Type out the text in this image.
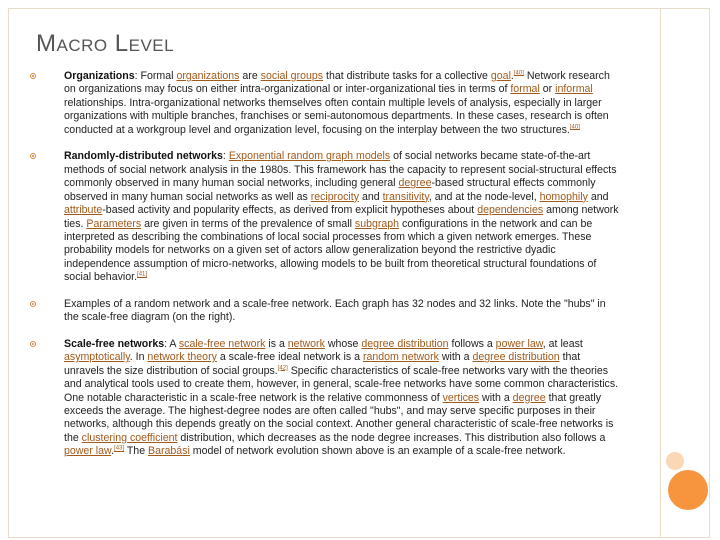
Macro Level
Organizations: Formal organizations are social groups that distribute tasks for a collective goal.[40] Network research on organizations may focus on either intra-organizational or inter-organizational ties in terms of formal or informal relationships. Intra-organizational networks themselves often contain multiple levels of analysis, especially in larger organizations with multiple branches, franchises or semi-autonomous departments. In these cases, research is often conducted at a workgroup level and organization level, focusing on the interplay between the two structures.[40]
Randomly-distributed networks: Exponential random graph models of social networks became state-of-the-art methods of social network analysis in the 1980s. This framework has the capacity to represent social-structural effects commonly observed in many human social networks, including general degree-based structural effects commonly observed in many human social networks as well as reciprocity and transitivity, and at the node-level, homophily and attribute-based activity and popularity effects, as derived from explicit hypotheses about dependencies among network ties. Parameters are given in terms of the prevalence of small subgraph configurations in the network and can be interpreted as describing the combinations of local social processes from which a given network emerges. These probability models for networks on a given set of actors allow generalization beyond the restrictive dyadic independence assumption of micro-networks, allowing models to be built from theoretical structural foundations of social behavior.[41]
Examples of a random network and a scale-free network. Each graph has 32 nodes and 32 links. Note the "hubs" in the scale-free diagram (on the right).
Scale-free networks: A scale-free network is a network whose degree distribution follows a power law, at least asymptotically. In network theory a scale-free ideal network is a random network with a degree distribution that unravels the size distribution of social groups.[42] Specific characteristics of scale-free networks vary with the theories and analytical tools used to create them, however, in general, scale-free networks have some common characteristics. One notable characteristic in a scale-free network is the relative commonness of vertices with a degree that greatly exceeds the average. The highest-degree nodes are often called "hubs", and may serve specific purposes in their networks, although this depends greatly on the social context. Another general characteristic of scale-free networks is the clustering coefficient distribution, which decreases as the node degree increases. This distribution also follows a power law.[43] The Barabási model of network evolution shown above is an example of a scale-free network.
